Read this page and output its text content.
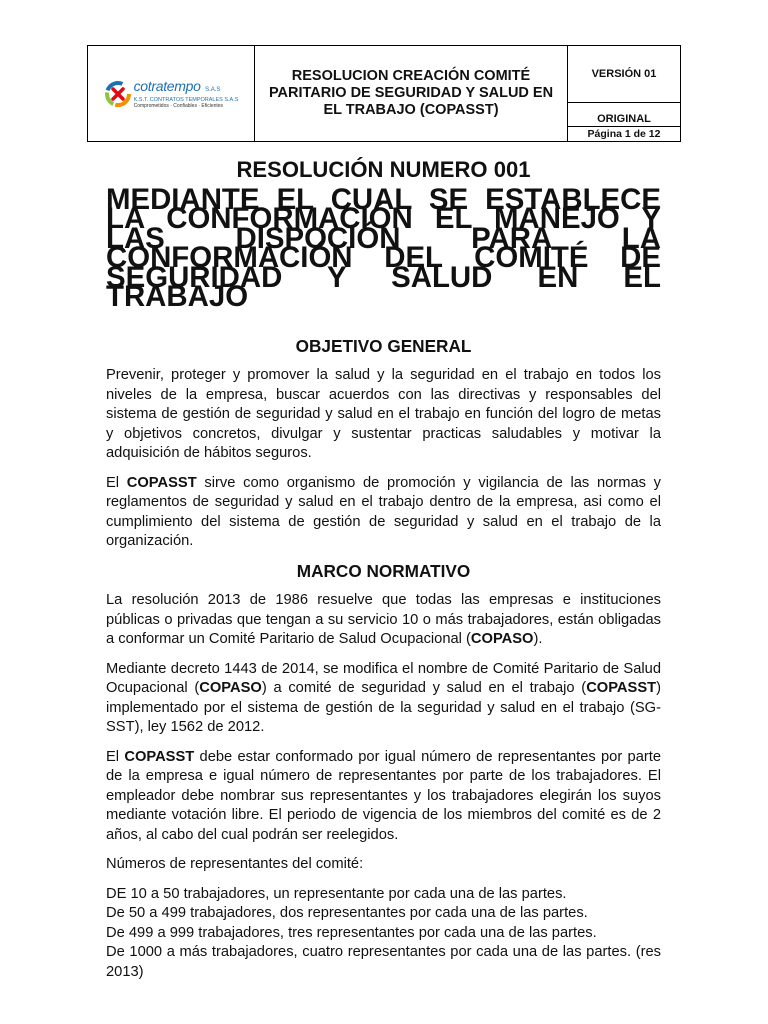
cotratempo S.A.S
K.S.T. CONTRATOS TEMPORALES S.A.S
Comprometidos · Confiables · Eficientes
RESOLUCION CREACIÓN COMITÉ PARITARIO DE SEGURIDAD Y SALUD EN EL TRABAJO (COPASST)
VERSIÓN 01
ORIGINAL
Página 1 de 12
RESOLUCIÓN NUMERO 001
MEDIANTE EL CUAL SE ESTABLECE LA CONFORMACIÓN EL MANEJO Y LAS DISPOCIÓN PARA LA CONFORMACIÓN DEL COMITÉ DE SEGURIDAD Y SALUD EN EL TRABAJO
OBJETIVO GENERAL

Prevenir, proteger y promover la salud y la seguridad en el trabajo en todos los niveles de la empresa, buscar acuerdos con las directivas y responsables del sistema de gestión de seguridad y salud en el trabajo en función del logro de metas y objetivos concretos, divulgar y sustentar practicas saludables y motivar la adquisición de hábitos seguros.

El COPASST sirve como organismo de promoción y vigilancia de las normas y reglamentos de seguridad y salud en el trabajo dentro de la empresa, asi como el cumplimiento del sistema de gestión de seguridad y salud en el trabajo de la organización.

MARCO NORMATIVO

La resolución 2013 de 1986 resuelve que todas las empresas e instituciones públicas o privadas que tengan a su servicio 10 o más trabajadores, están obligadas a conformar un Comité Paritario de Salud Ocupacional (COPASO).

Mediante decreto 1443 de 2014, se modifica el nombre de Comité Paritario de Salud Ocupacional (COPASO) a comité de seguridad y salud en el trabajo (COPASST) implementado por el sistema de gestión de la seguridad y salud en el trabajo (SG-SST), ley 1562 de 2012.

El COPASST debe estar conformado por igual número de representantes por parte de la empresa e igual número de representantes por parte de los trabajadores. El empleador debe nombrar sus representantes y los trabajadores elegirán los suyos mediante votación libre. El periodo de vigencia de los miembros del comité es de 2 años, al cabo del cual podrán ser reelegidos.

Números de representantes del comité:

DE 10 a 50 trabajadores, un representante por cada una de las partes.

De 50 a 499 trabajadores, dos representantes por cada una de las partes.

De 499 a 999 trabajadores, tres representantes por cada una de las partes.

De 1000 a más trabajadores, cuatro representantes por cada una de las partes. (res 2013)
